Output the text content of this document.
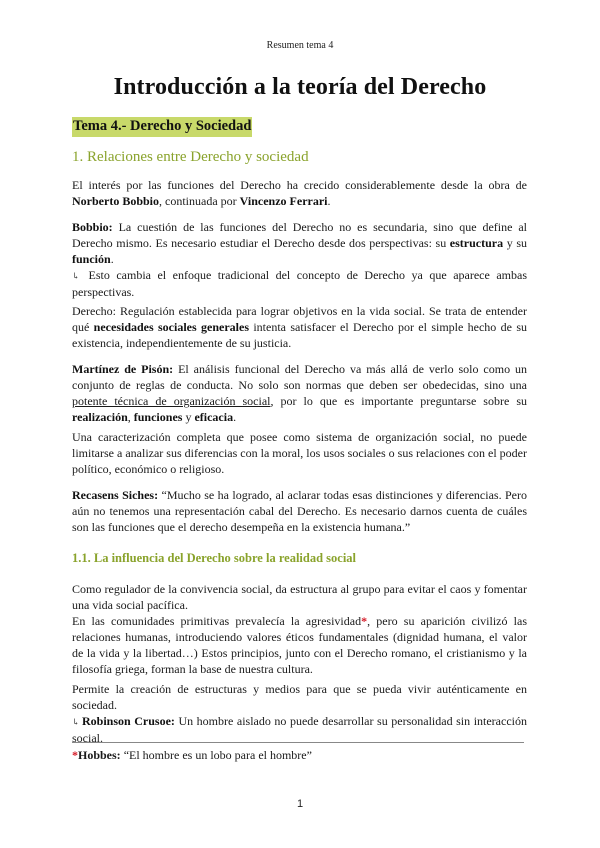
Resumen tema 4
Introducción a la teoría del Derecho
Tema 4.- Derecho y Sociedad
1. Relaciones entre Derecho y sociedad
El interés por las funciones del Derecho ha crecido considerablemente desde la obra de Norberto Bobbio, continuada por Vincenzo Ferrari.
Bobbio: La cuestión de las funciones del Derecho no es secundaria, sino que define al Derecho mismo. Es necesario estudiar el Derecho desde dos perspectivas: su estructura y su función.
↳ Esto cambia el enfoque tradicional del concepto de Derecho ya que aparece ambas perspectivas.
Derecho: Regulación establecida para lograr objetivos en la vida social. Se trata de entender qué necesidades sociales generales intenta satisfacer el Derecho por el simple hecho de su existencia, independientemente de su justicia.
Martínez de Pisón: El análisis funcional del Derecho va más allá de verlo solo como un conjunto de reglas de conducta. No solo son normas que deben ser obedecidas, sino una potente técnica de organización social, por lo que es importante preguntarse sobre su realización, funciones y eficacia.
Una caracterización completa que posee como sistema de organización social, no puede limitarse a analizar sus diferencias con la moral, los usos sociales o sus relaciones con el poder político, económico o religioso.
Recasens Siches: “Mucho se ha logrado, al aclarar todas esas distinciones y diferencias. Pero aún no tenemos una representación cabal del Derecho. Es necesario darnos cuenta de cuáles son las funciones que el derecho desempeña en la existencia humana.”
1.1. La influencia del Derecho sobre la realidad social
Como regulador de la convivencia social, da estructura al grupo para evitar el caos y fomentar una vida social pacífica.
En las comunidades primitivas prevalecía la agresividad*, pero su aparición civilizó las relaciones humanas, introduciendo valores éticos fundamentales (dignidad humana, el valor de la vida y la libertad…) Estos principios, junto con el Derecho romano, el cristianismo y la filosofía griega, forman la base de nuestra cultura.
Permite la creación de estructuras y medios para que se pueda vivir auténticamente en sociedad.
↳ Robinson Crusoe: Un hombre aislado no puede desarrollar su personalidad sin interacción social.
*Hobbes: “El hombre es un lobo para el hombre”
1
